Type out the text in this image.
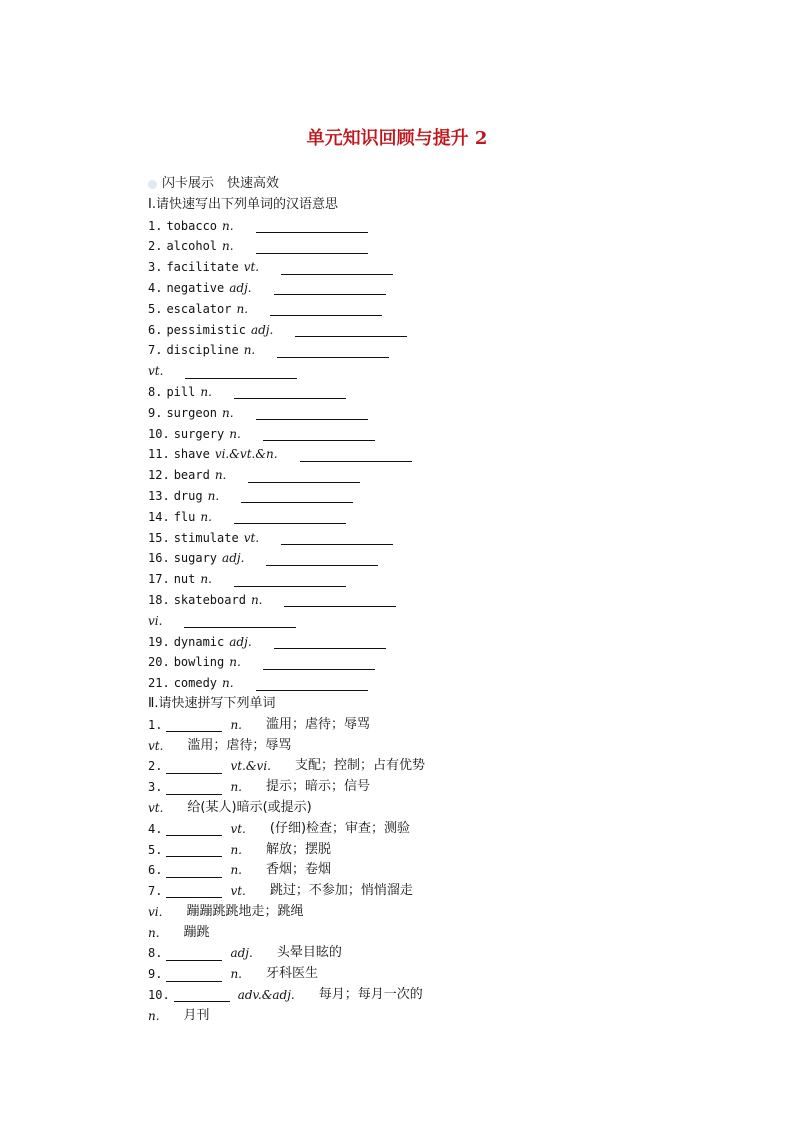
单元知识回顾与提升 2
闪卡展示　快速高效
Ⅰ.请快速写出下列单词的汉语意思
1. tobacco n.
2. alcohol n.
3. facilitate vt.
4. negative adj.
5. escalator n.
6. pessimistic adj.
7. discipline n.
vt.
8. pill n.
9. surgeon n.
10. surgery n.
11. shave vi.&vt.&n.
12. beard n.
13. drug n.
14. flu n.
15. stimulate vt.
16. sugary adj.
17. nut n.
18. skateboard n.
vi.
19. dynamic adj.
20. bowling n.
21. comedy n.
Ⅱ.请快速拼写下列单词
1.	n. 滥用；虐待；辱骂
vt. 滥用；虐待；辱骂
2.	vt.&vi. 支配；控制；占有优势
3.	n. 提示；暗示；信号
vt. 给(某人)暗示(或提示)
4.	vt. (仔细)检查；审查；测验
5.	n. 解放；摆脱
6.	n. 香烟；卷烟
7.	vt. 跳过；不参加；悄悄溜走
vi. 蹦蹦跳跳地走；跳绳
n. 蹦跳
8.	adj. 头晕目眩的
9.	n. 牙科医生
10.	adv.&adj. 每月；每月一次的
n. 月刊
